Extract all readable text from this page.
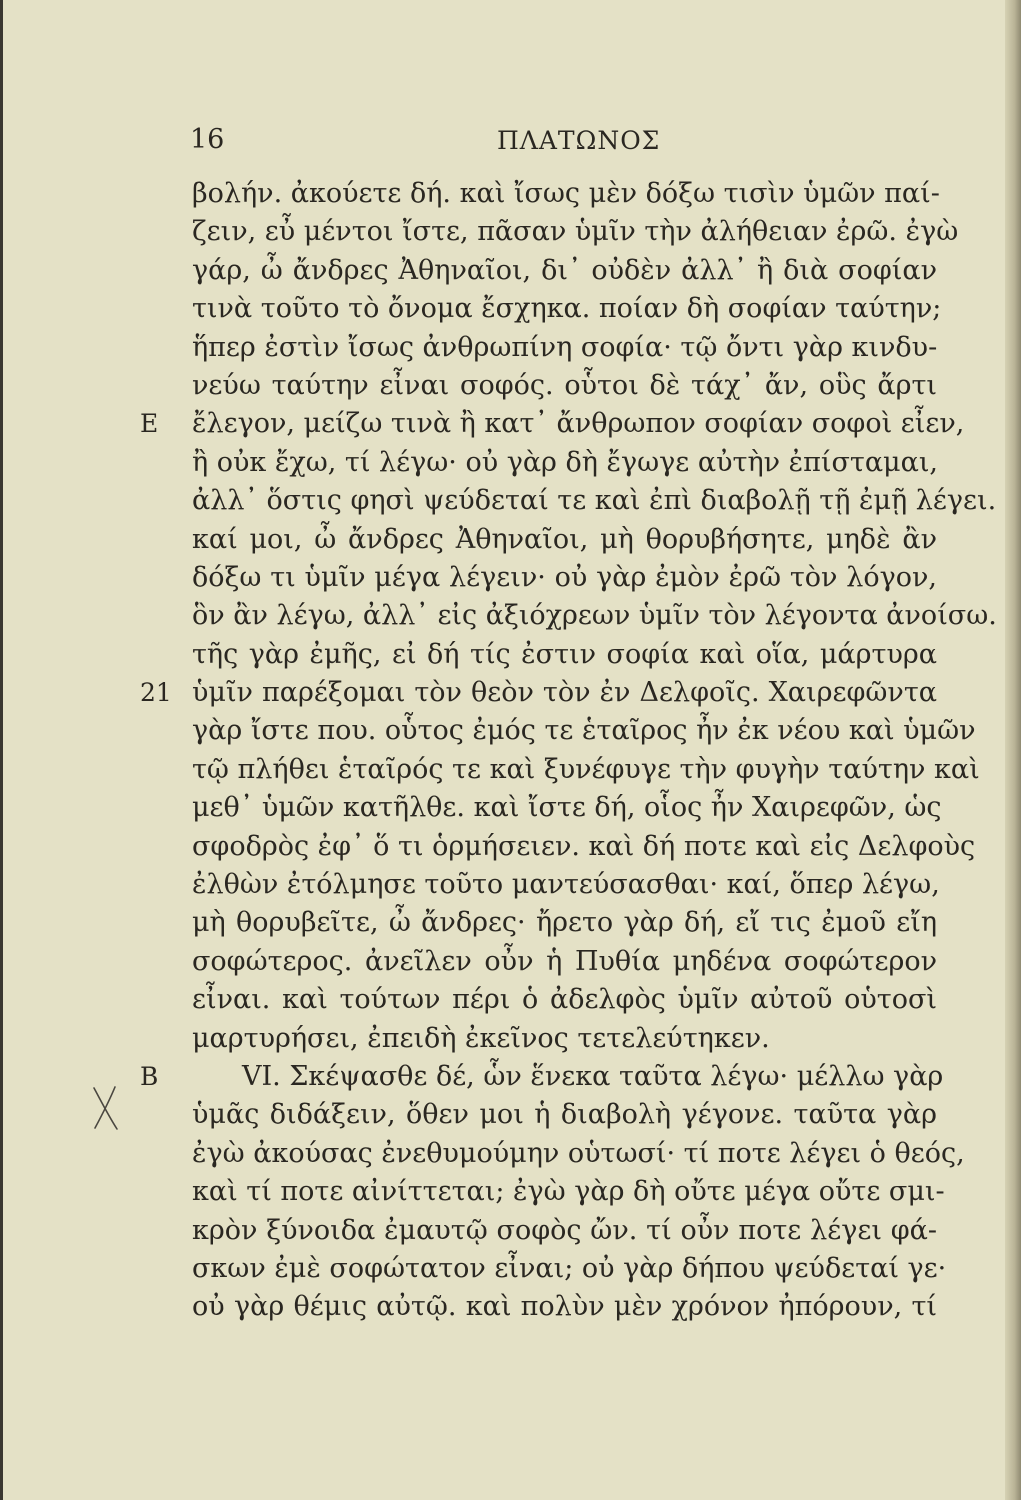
16	ΠΛΑΤΩΝΟΣ
βολήν. ἀκούετε δή. καὶ ἴσως μὲν δόξω τισὶν ὑμῶν παί-
ζειν, εὖ μέντοι ἴστε, πᾶσαν ὑμῖν τὴν ἀλήθειαν ἐρῶ. ἐγὼ
γάρ, ὦ ἄνδρες Ἀθηναῖοι, δι᾽ οὐδὲν ἀλλ᾽ ἢ διὰ σοφίαν
τινὰ τοῦτο τὸ ὄνομα ἔσχηκα. ποίαν δὴ σοφίαν ταύτην;
ἥπερ ἐστὶν ἴσως ἀνθρωπίνη σοφία· τῷ ὄντι γὰρ κινδυ-
νεύω ταύτην εἶναι σοφός. οὗτοι δὲ τάχ᾽ ἄν, οὓς ἄρτι
E ἔλεγον, μείζω τινὰ ἢ κατ᾽ ἄνθρωπον σοφίαν σοφοὶ εἶεν,
ἢ οὐκ ἔχω, τί λέγω· οὐ γὰρ δὴ ἔγωγε αὐτὴν ἐπίσταμαι,
ἀλλ᾽ ὅστις φησὶ ψεύδεταί τε καὶ ἐπὶ διαβολῇ τῇ ἐμῇ λέγει.
καί μοι, ὦ ἄνδρες Ἀθηναῖοι, μὴ θορυβήσητε, μηδὲ ἂν
δόξω τι ὑμῖν μέγα λέγειν· οὐ γὰρ ἐμὸν ἐρῶ τὸν λόγον,
ὃν ἂν λέγω, ἀλλ᾽ εἰς ἀξιόχρεων ὑμῖν τὸν λέγοντα ἀνοίσω.
τῆς γὰρ ἐμῆς, εἰ δή τίς ἐστιν σοφία καὶ οἵα, μάρτυρα
21 ὑμῖν παρέξομαι τὸν θεὸν τὸν ἐν Δελφοῖς. Χαιρεφῶντα
γὰρ ἴστε που. οὗτος ἐμός τε ἑταῖρος ἦν ἐκ νέου καὶ ὑμῶν
τῷ πλήθει ἑταῖρός τε καὶ ξυνέφυγε τὴν φυγὴν ταύτην καὶ
μεθ᾽ ὑμῶν κατῆλθε. καὶ ἴστε δή, οἷος ἦν Χαιρεφῶν, ὡς
σφοδρὸς ἐφ᾽ ὅ τι ὁρμήσειεν. καὶ δή ποτε καὶ εἰς Δελφοὺς
ἐλθὼν ἐτόλμησε τοῦτο μαντεύσασθαι· καί, ὅπερ λέγω,
μὴ θορυβεῖτε, ὦ ἄνδρες· ἤρετο γὰρ δή, εἴ τις ἐμοῦ εἴη
σοφώτερος. ἀνεῖλεν οὖν ἡ Πυθία μηδένα σοφώτερον
εἶναι. καὶ τούτων πέρι ὁ ἀδελφὸς ὑμῖν αὐτοῦ οὑτοσὶ
μαρτυρήσει, ἐπειδὴ ἐκεῖνος τετελεύτηκεν.
B	VI. Σκέψασθε δέ, ὧν ἕνεκα ταῦτα λέγω· μέλλω γὰρ
ὑμᾶς διδάξειν, ὅθεν μοι ἡ διαβολὴ γέγονε. ταῦτα γὰρ
ἐγὼ ἀκούσας ἐνεθυμούμην οὑτωσί· τί ποτε λέγει ὁ θεός,
καὶ τί ποτε αἰνίττεται; ἐγὼ γὰρ δὴ οὔτε μέγα οὔτε σμι-
κρὸν ξύνοιδα ἐμαυτῷ σοφὸς ὤν. τί οὖν ποτε λέγει φά-
σκων ἐμὲ σοφώτατον εἶναι; οὐ γὰρ δήπου ψεύδεταί γε·
οὐ γὰρ θέμις αὐτῷ. καὶ πολὺν μὲν χρόνον ἠπόρουν, τί
